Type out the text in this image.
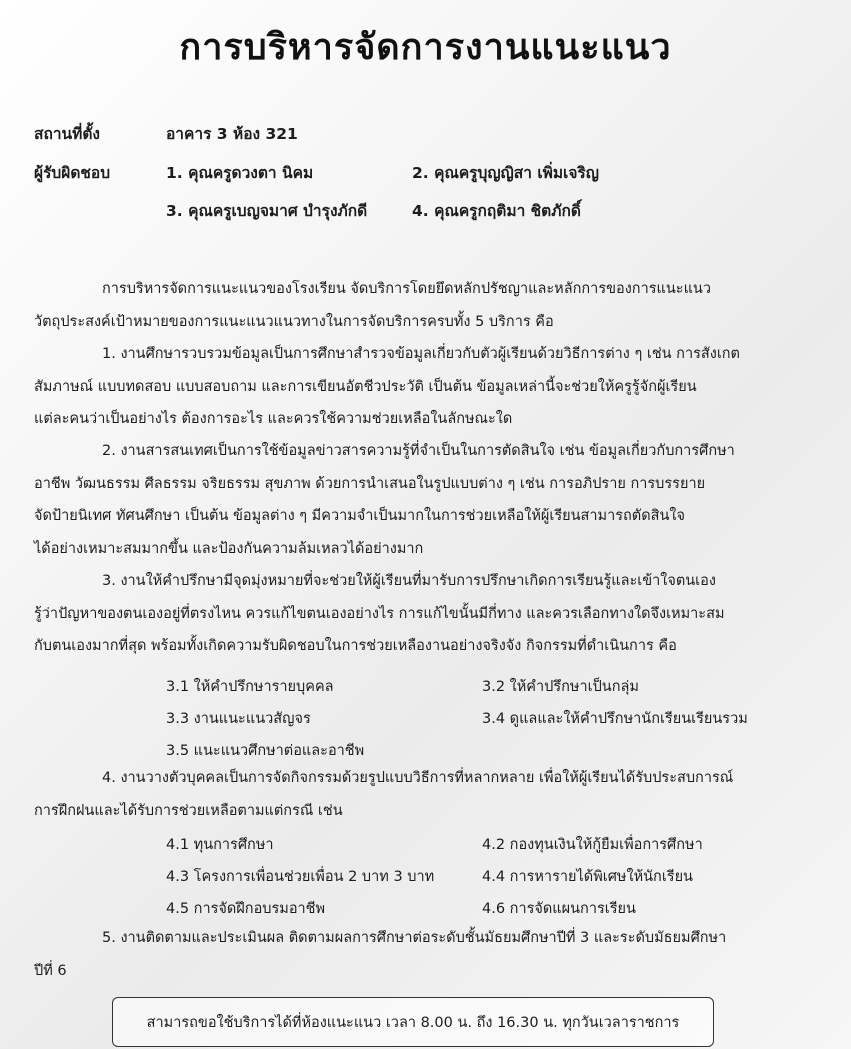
การบริหารจัดการงานแนะแนว
สถานที่ตั้ง	อาคาร 3 ห้อง 321
ผู้รับผิดชอบ	1. คุณครูดวงตา นิคม	2. คุณครูบุญญิสา เพิ่มเจริญ
3. คุณครูเบญจมาศ บำรุงภักดี	4. คุณครูกฤติมา ชิตภักดิ์
การบริหารจัดการแนะแนวของโรงเรียน จัดบริการโดยยึดหลักปรัชญาและหลักการของการแนะแนว
วัตถุประสงค์เป้าหมายของการแนะแนวแนวทางในการจัดบริการครบทั้ง 5 บริการ คือ
1. งานศึกษารวบรวมข้อมูลเป็นการศึกษาสำรวจข้อมูลเกี่ยวกับตัวผู้เรียนด้วยวิธีการต่าง ๆ เช่น การสังเกต
สัมภาษณ์ แบบทดสอบ แบบสอบถาม และการเขียนอัตชีวประวัติ เป็นต้น ข้อมูลเหล่านี้จะช่วยให้ครูรู้จักผู้เรียน
แต่ละคนว่าเป็นอย่างไร ต้องการอะไร และควรใช้ความช่วยเหลือในลักษณะใด
2. งานสารสนเทศเป็นการใช้ข้อมูลข่าวสารความรู้ที่จำเป็นในการตัดสินใจ เช่น ข้อมูลเกี่ยวกับการศึกษา
อาชีพ วัฒนธรรม ศีลธรรม จริยธรรม สุขภาพ ด้วยการนำเสนอในรูปแบบต่าง ๆ เช่น การอภิปราย การบรรยาย
จัดป้ายนิเทศ ทัศนศึกษา เป็นต้น ข้อมูลต่าง ๆ มีความจำเป็นมากในการช่วยเหลือให้ผู้เรียนสามารถตัดสินใจ
ได้อย่างเหมาะสมมากขึ้น และป้องกันความล้มเหลวได้อย่างมาก
3. งานให้คำปรึกษามีจุดมุ่งหมายที่จะช่วยให้ผู้เรียนที่มารับการปรึกษาเกิดการเรียนรู้และเข้าใจตนเอง
รู้ว่าปัญหาของตนเองอยู่ที่ตรงไหน ควรแก้ไขตนเองอย่างไร การแก้ไขนั้นมีกี่ทาง และควรเลือกทางใดจึงเหมาะสม
กับตนเองมากที่สุด พร้อมทั้งเกิดความรับผิดชอบในการช่วยเหลืองานอย่างจริงจัง กิจกรรมที่ดำเนินการ คือ
3.1 ให้คำปรึกษารายบุคคล	3.2 ให้คำปรึกษาเป็นกลุ่ม
3.3 งานแนะแนวสัญจร	3.4 ดูแลและให้คำปรึกษานักเรียนเรียนรวม
3.5 แนะแนวศึกษาต่อและอาชีพ
4. งานวางตัวบุคคลเป็นการจัดกิจกรรมด้วยรูปแบบวิธีการที่หลากหลาย เพื่อให้ผู้เรียนได้รับประสบการณ์
การฝึกฝนและได้รับการช่วยเหลือตามแต่กรณี เช่น
4.1 ทุนการศึกษา	4.2 กองทุนเงินให้กู้ยืมเพื่อการศึกษา
4.3 โครงการเพื่อนช่วยเพื่อน 2 บาท 3 บาท	4.4 การหารายได้พิเศษให้นักเรียน
4.5 การจัดฝึกอบรมอาชีพ	4.6 การจัดแผนการเรียน
5. งานติดตามและประเมินผล ติดตามผลการศึกษาต่อระดับชั้นมัธยมศึกษาปีที่ 3 และระดับมัธยมศึกษา
ปีที่ 6
สามารถขอใช้บริการได้ที่ห้องแนะแนว เวลา 8.00 น. ถึง 16.30 น. ทุกวันเวลาราชการ
